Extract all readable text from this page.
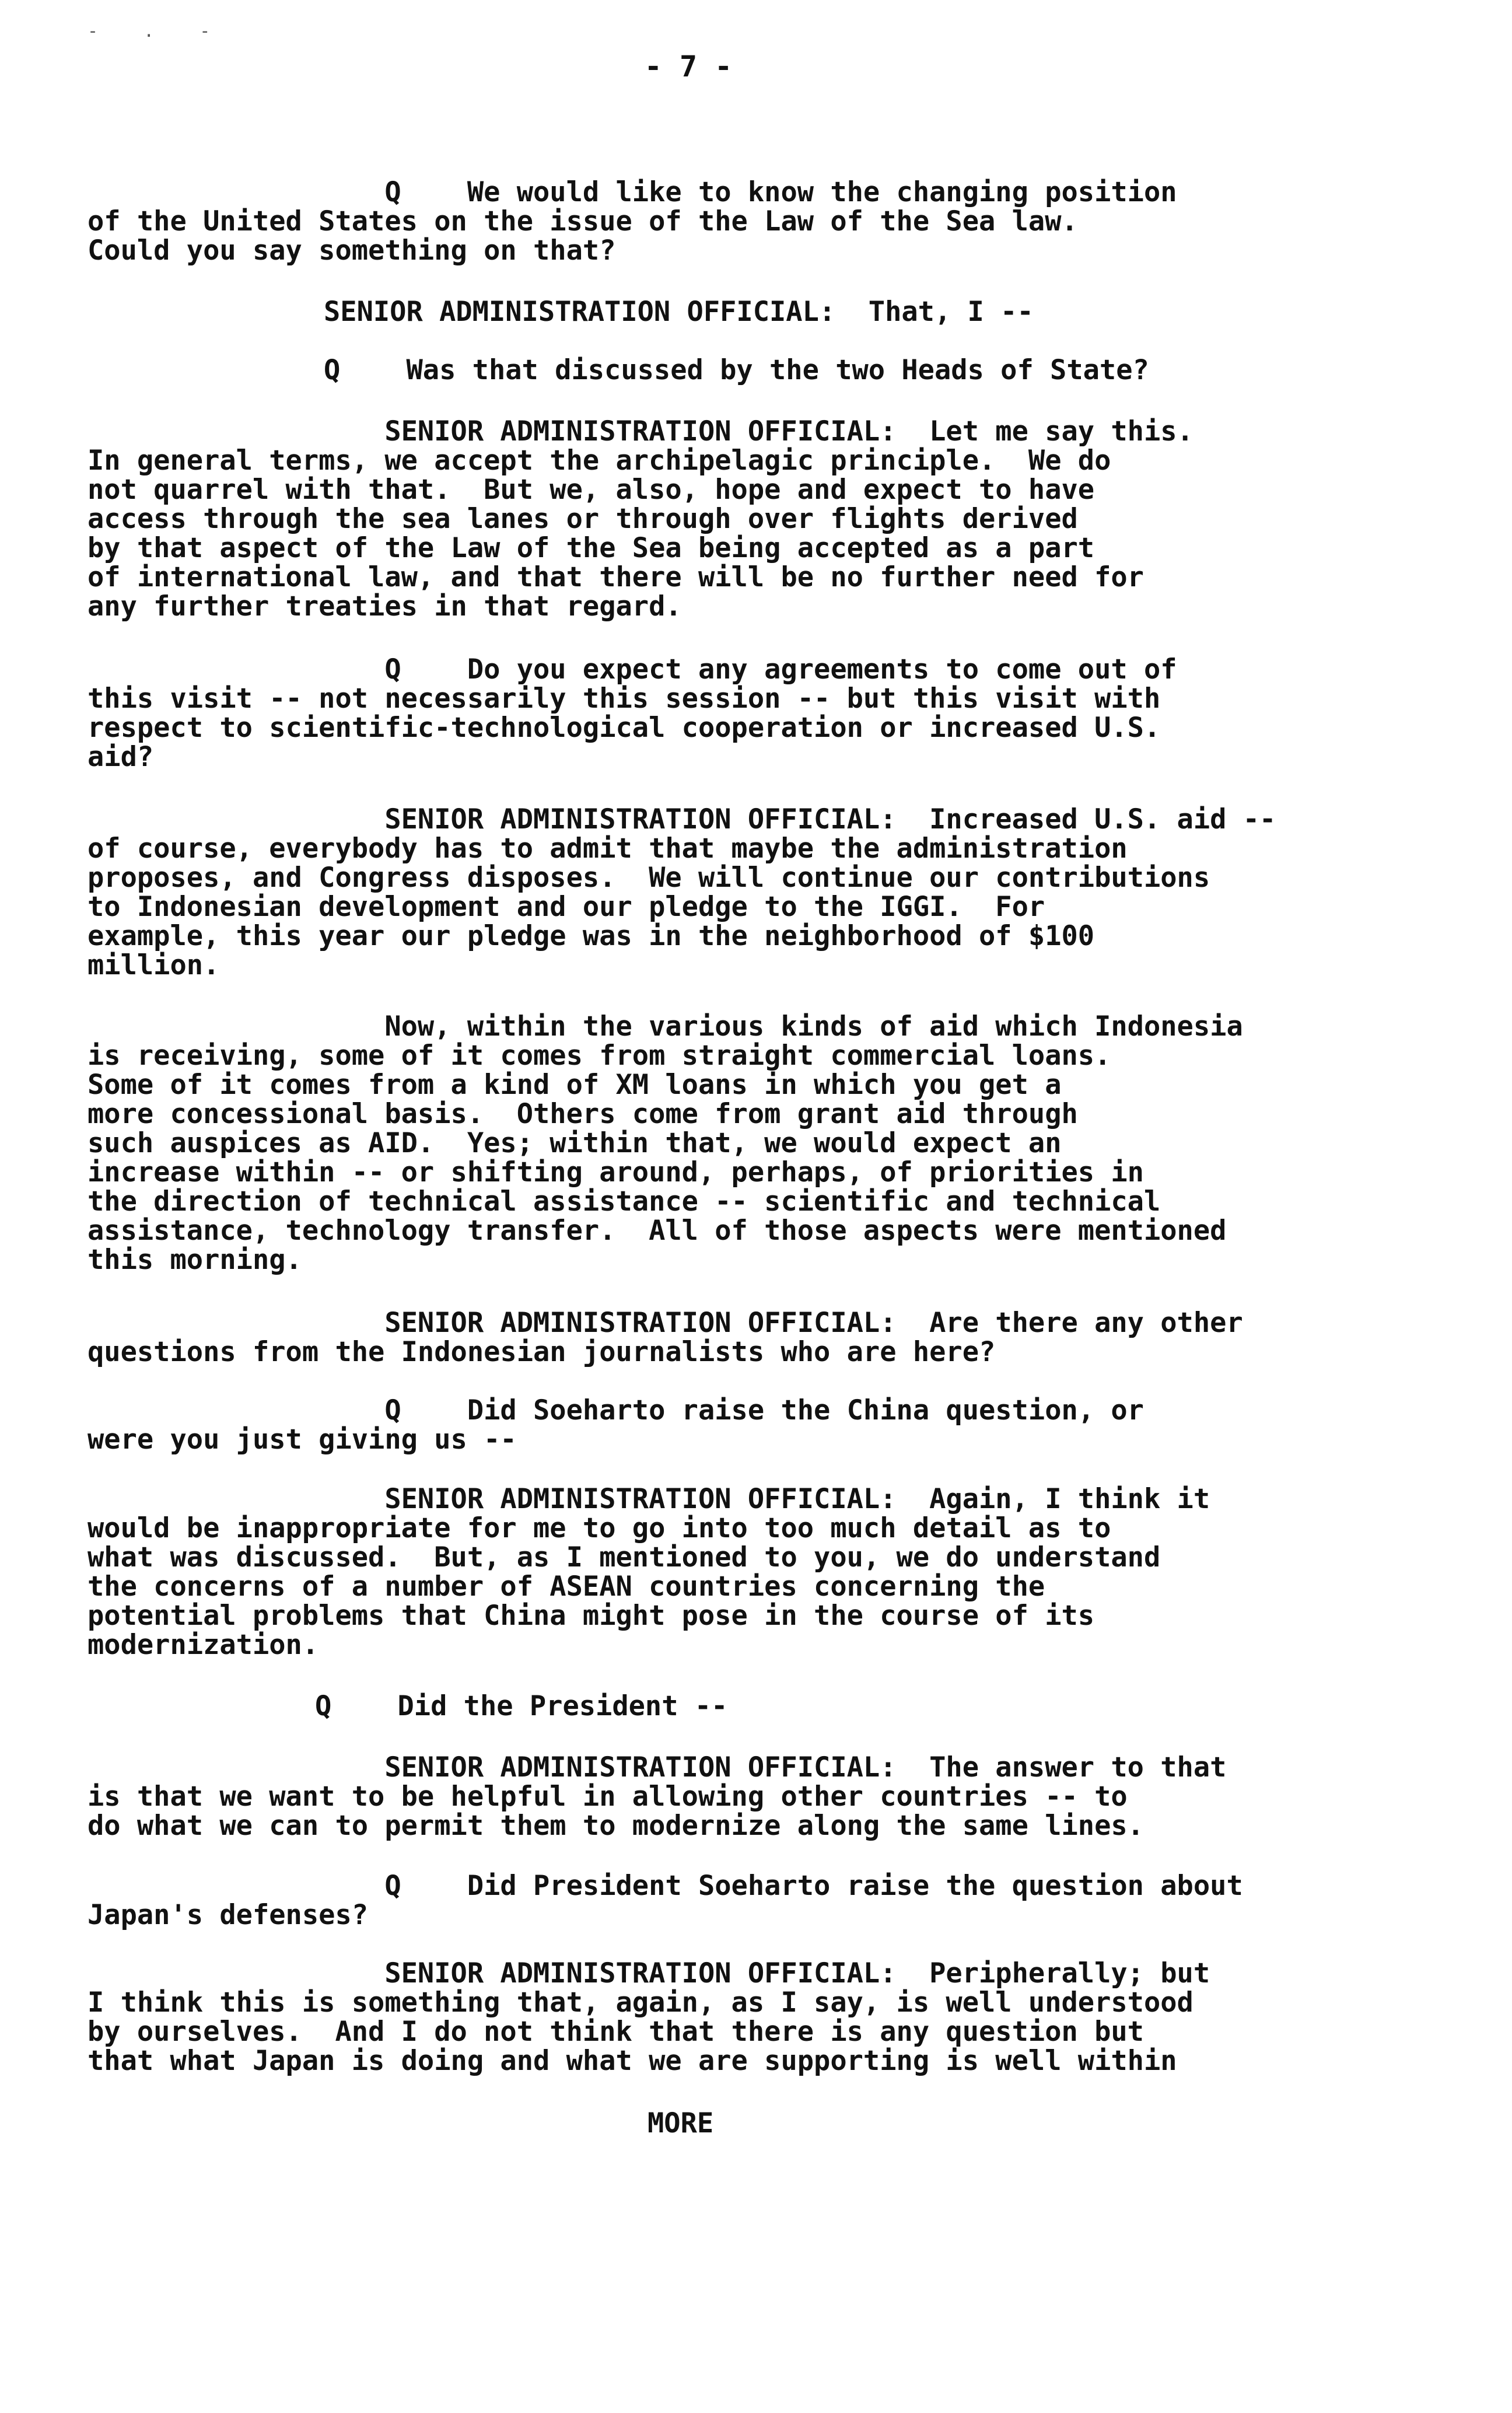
- . -
- 7 -
Q    We would like to know the changing position
of the United States on the issue of the Law of the Sea law.
Could you say something on that?
SENIOR ADMINISTRATION OFFICIAL:  That, I --
Q    Was that discussed by the two Heads of State?
SENIOR ADMINISTRATION OFFICIAL:  Let me say this.
In general terms, we accept the archipelagic principle.  We do
not quarrel with that.  But we, also, hope and expect to have
access through the sea lanes or through over flights derived
by that aspect of the Law of the Sea being accepted as a part
of international law, and that there will be no further need for
any further treaties in that regard.
Q    Do you expect any agreements to come out of
this visit -- not necessarily this session -- but this visit with
respect to scientific-technological cooperation or increased U.S.
aid?
SENIOR ADMINISTRATION OFFICIAL:  Increased U.S. aid --
of course, everybody has to admit that maybe the administration
proposes, and Congress disposes.  We will continue our contributions
to Indonesian development and our pledge to the IGGI.  For
example, this year our pledge was in the neighborhood of $100
million.
Now, within the various kinds of aid which Indonesia
is receiving, some of it comes from straight commercial loans.
Some of it comes from a kind of XM loans in which you get a
more concessional basis.  Others come from grant aid through
such auspices as AID.  Yes; within that, we would expect an
increase within -- or shifting around, perhaps, of priorities in
the direction of technical assistance -- scientific and technical
assistance, technology transfer.  All of those aspects were mentioned
this morning.
SENIOR ADMINISTRATION OFFICIAL:  Are there any other
questions from the Indonesian journalists who are here?
Q    Did Soeharto raise the China question, or
were you just giving us --
SENIOR ADMINISTRATION OFFICIAL:  Again, I think it
would be inappropriate for me to go into too much detail as to
what was discussed.  But, as I mentioned to you, we do understand
the concerns of a number of ASEAN countries concerning the
potential problems that China might pose in the course of its
modernization.
Q    Did the President --
SENIOR ADMINISTRATION OFFICIAL:  The answer to that
is that we want to be helpful in allowing other countries -- to
do what we can to permit them to modernize along the same lines.
Q    Did President Soeharto raise the question about
Japan's defenses?
SENIOR ADMINISTRATION OFFICIAL:  Peripherally; but
I think this is something that, again, as I say, is well understood
by ourselves.  And I do not think that there is any question but
that what Japan is doing and what we are supporting is well within
MORE
